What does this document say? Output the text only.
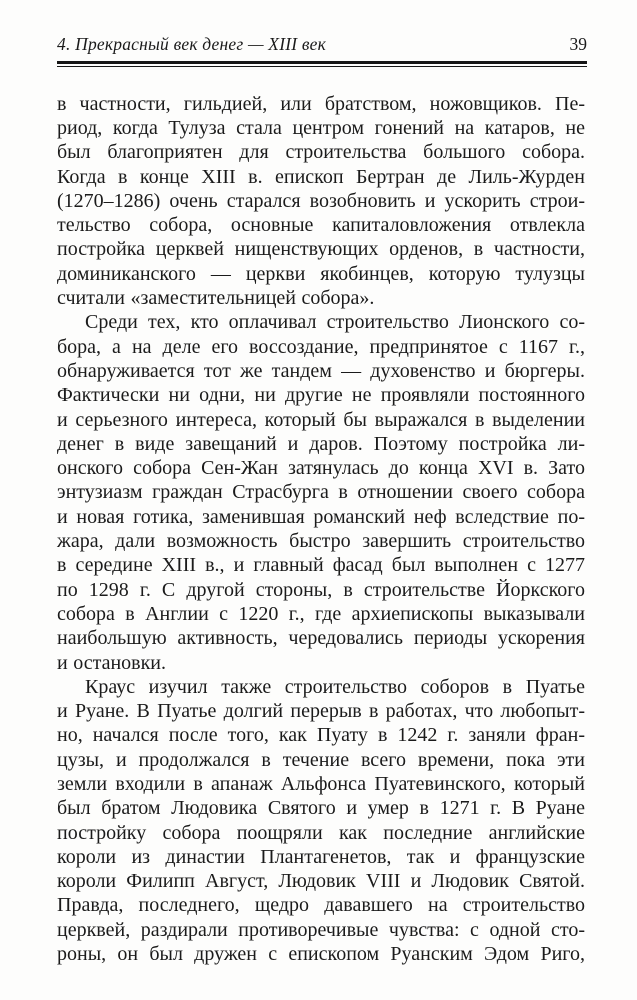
4. Прекрасный век денег — XIII век	39
в частности, гильдией, или братством, ножовщиков. Пе-
риод, когда Тулуза стала центром гонений на катаров, не
был благоприятен для строительства большого собора.
Когда в конце XIII в. епископ Бертран де Лиль-Журден
(1270–1286) очень старался возобновить и ускорить строи-
тельство собора, основные капиталовложения отвлекла
постройка церквей нищенствующих орденов, в частности,
доминиканского — церкви якобинцев, которую тулузцы
считали «заместительницей собора».
Среди тех, кто оплачивал строительство Лионского со-
бора, а на деле его воссоздание, предпринятое с 1167 г.,
обнаруживается тот же тандем — духовенство и бюргеры.
Фактически ни одни, ни другие не проявляли постоянного
и серьезного интереса, который бы выражался в выделении
денег в виде завещаний и даров. Поэтому постройка ли-
онского собора Сен-Жан затянулась до конца XVI в. Зато
энтузиазм граждан Страсбурга в отношении своего собора
и новая готика, заменившая романский неф вследствие по-
жара, дали возможность быстро завершить строительство
в середине XIII в., и главный фасад был выполнен с 1277
по 1298 г. С другой стороны, в строительстве Йоркского
собора в Англии с 1220 г., где архиепископы выказывали
наибольшую активность, чередовались периоды ускорения
и остановки.
Краус изучил также строительство соборов в Пуатье
и Руане. В Пуатье долгий перерыв в работах, что любопыт-
но, начался после того, как Пуату в 1242 г. заняли фран-
цузы, и продолжался в течение всего времени, пока эти
земли входили в апанаж Альфонса Пуатевинского, который
был братом Людовика Святого и умер в 1271 г. В Руане
постройку собора поощряли как последние английские
короли из династии Плантагенетов, так и французские
короли Филипп Август, Людовик VIII и Людовик Святой.
Правда, последнего, щедро дававшего на строительство
церквей, раздирали противоречивые чувства: с одной сто-
роны, он был дружен с епископом Руанским Эдом Риго,
